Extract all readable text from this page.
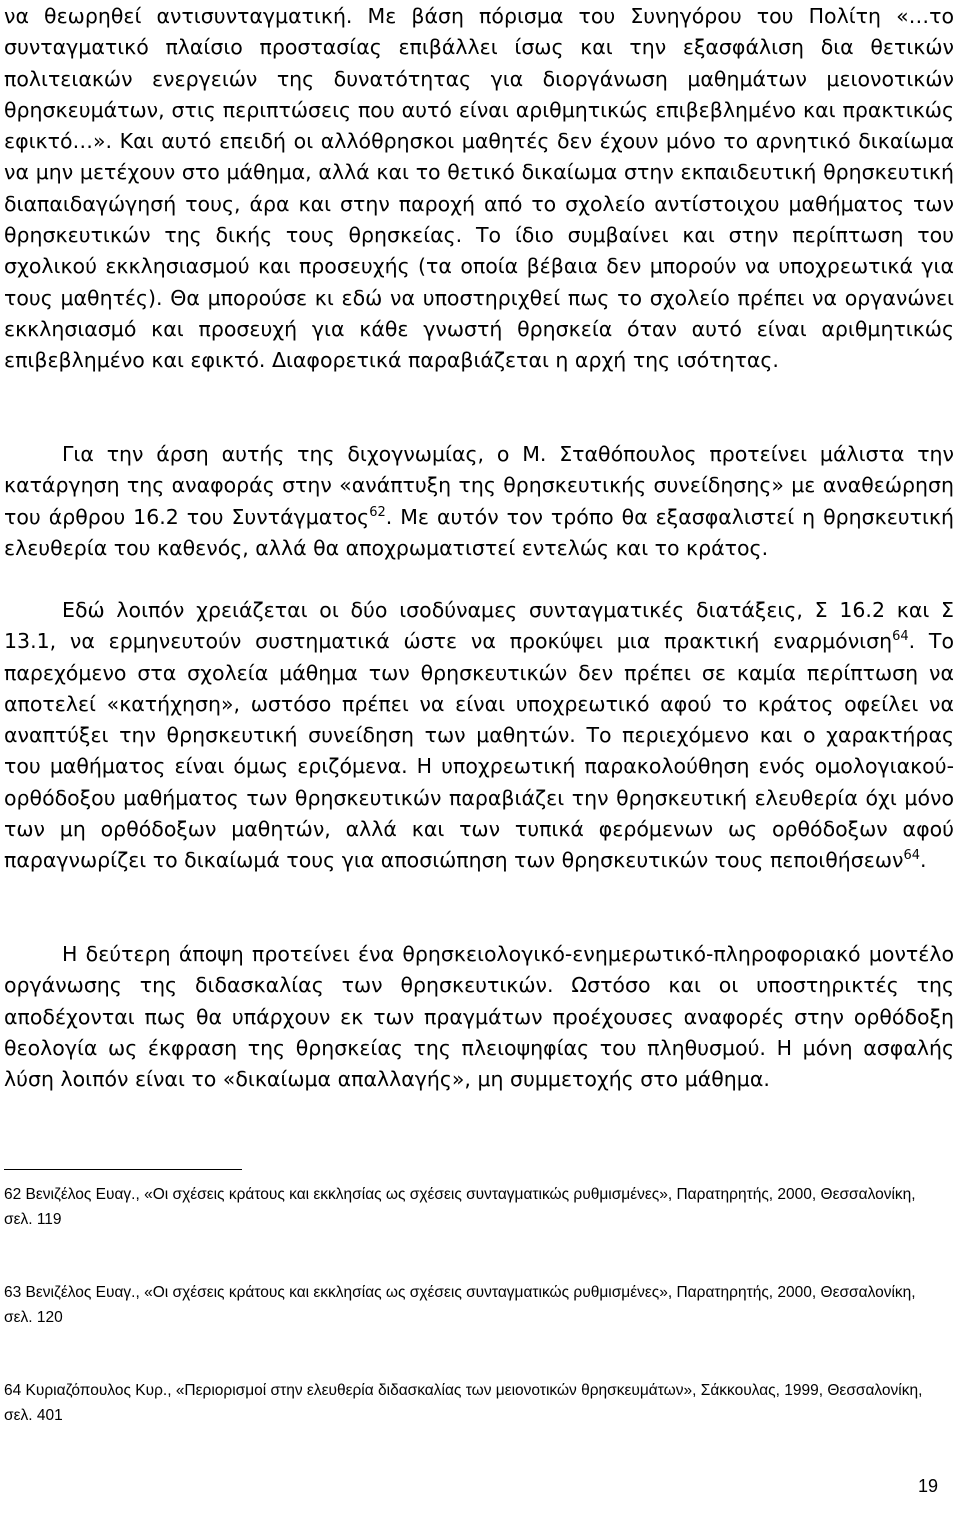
να θεωρηθεί αντισυνταγματική. Με βάση πόρισμα του Συνηγόρου του Πολίτη «…το συνταγματικό πλαίσιο προστασίας επιβάλλει ίσως και την εξασφάλιση δια θετικών πολιτειακών ενεργειών της δυνατότητας για διοργάνωση μαθημάτων μειονοτικών θρησκευμάτων, στις περιπτώσεις που αυτό είναι αριθμητικώς επιβεβλημένο και πρακτικώς εφικτό…». Και αυτό επειδή οι αλλόθρησκοι μαθητές δεν έχουν μόνο το αρνητικό δικαίωμα να μην μετέχουν στο μάθημα, αλλά και το θετικό δικαίωμα στην εκπαιδευτική θρησκευτική διαπαιδαγώγησή τους, άρα και στην παροχή από το σχολείο αντίστοιχου μαθήματος των θρησκευτικών της δικής τους θρησκείας. Το ίδιο συμβαίνει και στην περίπτωση του σχολικού εκκλησιασμού και προσευχής (τα οποία βέβαια δεν μπορούν να υποχρεωτικά για τους μαθητές). Θα μπορούσε κι εδώ να υποστηριχθεί πως το σχολείο πρέπει να οργανώνει εκκλησιασμό και προσευχή για κάθε γνωστή θρησκεία όταν αυτό είναι αριθμητικώς επιβεβλημένο και εφικτό. Διαφορετικά παραβιάζεται η αρχή της ισότητας.

Για την άρση αυτής της διχογνωμίας, ο Μ. Σταθόπουλος προτείνει μάλιστα την κατάργηση της αναφοράς στην «ανάπτυξη της θρησκευτικής συνείδησης» με αναθεώρηση του άρθρου 16.2 του Συντάγματος$^{62}$. Με αυτόν τον τρόπο θα εξασφαλιστεί η θρησκευτική ελευθερία του καθενός, αλλά θα αποχρωματιστεί εντελώς και το κράτος.

Εδώ λοιπόν χρειάζεται οι δύο ισοδύναμες συνταγματικές διατάξεις, Σ 16.2 και Σ 13.1, να ερμηνευτούν συστηματικά ώστε να προκύψει μια πρακτική εναρμόνιση$^{64}$. Το παρεχόμενο στα σχολεία μάθημα των θρησκευτικών δεν πρέπει σε καμία περίπτωση να αποτελεί «κατήχηση», ωστόσο πρέπει να είναι υποχρεωτικό αφού το κράτος οφείλει να αναπτύξει την θρησκευτική συνείδηση των μαθητών. Το περιεχόμενο και ο χαρακτήρας του μαθήματος είναι όμως εριζόμενα. Η υποχρεωτική παρακολούθηση ενός ομολογιακού-ορθόδοξου μαθήματος των θρησκευτικών παραβιάζει την θρησκευτική ελευθερία όχι μόνο των μη ορθόδοξων μαθητών, αλλά και των τυπικά φερόμενων ως ορθόδοξων αφού παραγνωρίζει το δικαίωμά τους για αποσιώπηση των θρησκευτικών τους πεποιθήσεων$^{64}$.

Η δεύτερη άποψη προτείνει ένα θρησκειολογικό-ενημερωτικό-πληροφοριακό μοντέλο οργάνωσης της διδασκαλίας των θρησκευτικών. Ωστόσο και οι υποστηρικτές της αποδέχονται πως θα υπάρχουν εκ των πραγμάτων προέχουσες αναφορές στην ορθόδοξη θεολογία ως έκφραση της θρησκείας της πλειοψηφίας του πληθυσμού. Η μόνη ασφαλής λύση λοιπόν είναι το «δικαίωμα απαλλαγής», μη συμμετοχής στο μάθημα.

62 Βενιζέλος Ευαγ., «Οι σχέσεις κράτους και εκκλησίας ως σχέσεις συνταγματικώς ρυθμισμένες», Παρατηρητής, 2000, Θεσσαλονίκη, σελ. 119

63 Βενιζέλος Ευαγ., «Οι σχέσεις κράτους και εκκλησίας ως σχέσεις συνταγματικώς ρυθμισμένες», Παρατηρητής, 2000, Θεσσαλονίκη, σελ. 120

64 Κυριαζόπουλος Κυρ., «Περιορισμοί στην ελευθερία διδασκαλίας των μειονοτικών θρησκευμάτων», Σάκκουλας, 1999, Θεσσαλονίκη, σελ. 401

19
